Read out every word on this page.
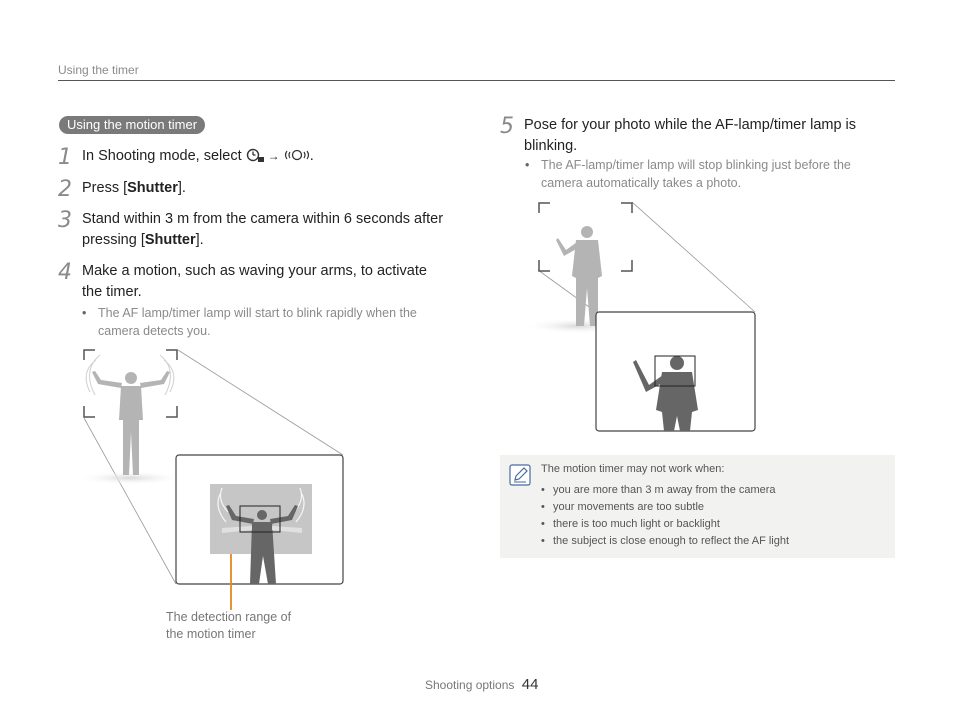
Using the timer
Using the motion timer
1 In Shooting mode, select → .
2 Press [Shutter].
3 Stand within 3 m from the camera within 6 seconds after
pressing [Shutter].
4 Make a motion, such as waving your arms, to activate
the timer.
• The AF lamp/timer lamp will start to blink rapidly when the
camera detects you.
The detection range of
the motion timer
5 Pose for your photo while the AF-lamp/timer lamp is
blinking.
• The AF-lamp/timer lamp will stop blinking just before the
camera automatically takes a photo.
The motion timer may not work when:
• you are more than 3 m away from the camera
• your movements are too subtle
• there is too much light or backlight
• the subject is close enough to reflect the AF light
Shooting options 44
